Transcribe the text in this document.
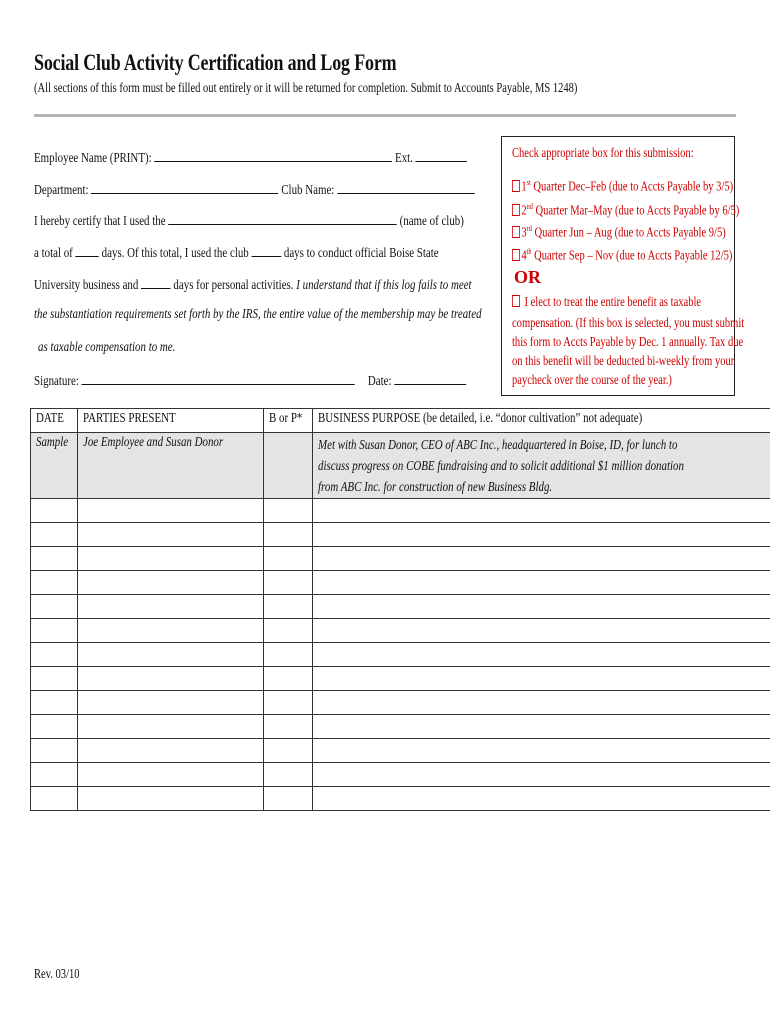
Social Club Activity Certification and Log Form
(All sections of this form must be filled out entirely or it will be returned for completion. Submit to Accounts Payable, MS 1248)
Employee Name (PRINT):	Ext.
Department:	Club Name:
I hereby certify that I used the	(name of club)
a total of days. Of this total, I used the club	days to conduct official Boise State
University business and	days for personal activities. I understand that if this log fails to meet
the substantiation requirements set forth by the IRS, the entire value of the membership may be treated
as taxable compensation to me.
Signature:	Date:
Check appropriate box for this submission:
1st Quarter Dec–Feb (due to Accts Payable by 3/5)
2nd Quarter Mar–May (due to Accts Payable by 6/5)
3rd Quarter Jun – Aug (due to Accts Payable 9/5)
4th Quarter Sep – Nov (due to Accts Payable 12/5)
OR
I elect to treat the entire benefit as taxable
compensation. (If this box is selected, you must submit
this form to Accts Payable by Dec. 1 annually. Tax due
on this benefit will be deducted bi-weekly from your
paycheck over the course of the year.)
DATE	PARTIES PRESENT	B or P*	BUSINESS PURPOSE (be detailed, i.e. “donor cultivation” not adequate)

Sample	Joe Employee and Susan Donor		Met with Susan Donor, CEO of ABC Inc., headquartered in Boise, ID, for lunch to
discuss progress on COBE fundraising and to solicit additional $1 million donation
from ABC Inc. for construction of new Business Bldg.

Rev. 03/10
